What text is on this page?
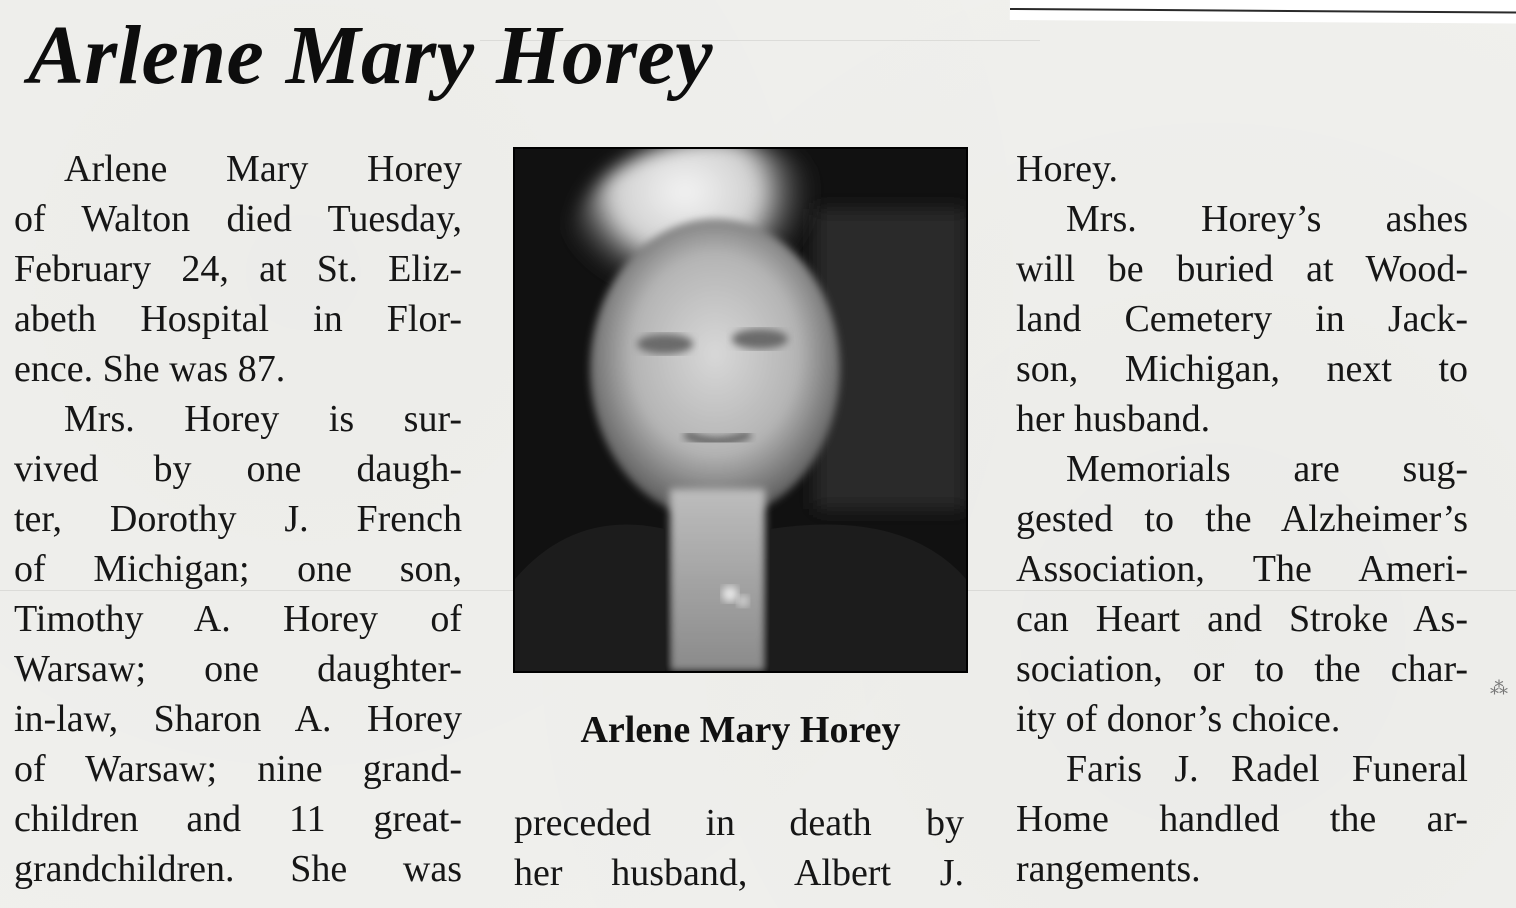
Arlene Mary Horey
Arlene Mary Horey
of Walton died Tuesday,
February 24, at St. Eliz-
abeth Hospital in Flor-
ence. She was 87.
Mrs. Horey is sur-
vived by one daugh-
ter, Dorothy J. French
of Michigan; one son,
Timothy A. Horey of
Warsaw; one daughter-
in-law, Sharon A. Horey
of Warsaw; nine grand-
children and 11 great-
grandchildren. She was
Arlene Mary Horey
preceded in death by
her husband, Albert J.
Horey.
Mrs. Horey’s ashes
will be buried at Wood-
land Cemetery in Jack-
son, Michigan, next to
her husband.
Memorials are sug-
gested to the Alzheimer’s
Association, The Ameri-
can Heart and Stroke As-
sociation, or to the char-
ity of donor’s choice.
Faris J. Radel Funeral
Home handled the ar-
rangements.
⁂
